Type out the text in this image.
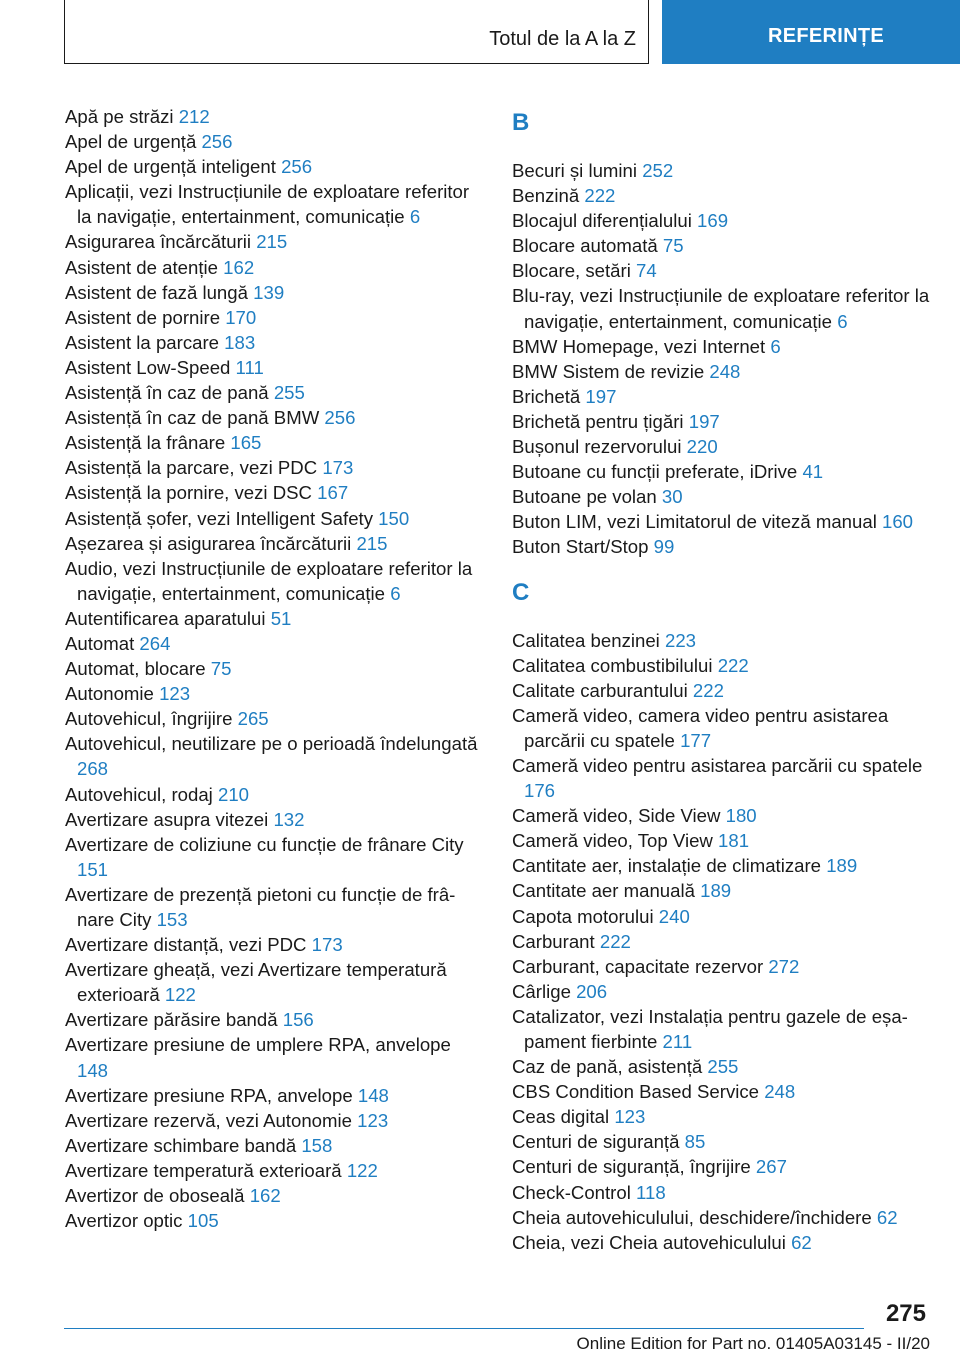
Totul de la A la Z	REFERINȚE
Apă pe străzi 212
Apel de urgență 256
Apel de urgență inteligent 256
Aplicații, vezi Instrucțiunile de exploatare referitor la navigație, entertainment, comunicație 6
Asigurarea încărcăturii 215
Asistent de atenție 162
Asistent de fază lungă 139
Asistent de pornire 170
Asistent la parcare 183
Asistent Low-Speed 111
Asistență în caz de pană 255
Asistență în caz de pană BMW 256
Asistență la frânare 165
Asistență la parcare, vezi PDC 173
Asistență la pornire, vezi DSC 167
Asistență șofer, vezi Intelligent Safety 150
Așezarea și asigurarea încărcăturii 215
Audio, vezi Instrucțiunile de exploatare referitor la navigație, entertainment, comunicație 6
Autentificarea aparatului 51
Automat 264
Automat, blocare 75
Autonomie 123
Autovehicul, îngrijire 265
Autovehicul, neutilizare pe o perioadă îndelungată 268
Autovehicul, rodaj 210
Avertizare asupra vitezei 132
Avertizare de coliziune cu funcție de frânare City 151
Avertizare de prezență pietoni cu funcție de frânare City 153
Avertizare distanță, vezi PDC 173
Avertizare gheață, vezi Avertizare temperatură exterioară 122
Avertizare părăsire bandă 156
Avertizare presiune de umplere RPA, anvelope 148
Avertizare presiune RPA, anvelope 148
Avertizare rezervă, vezi Autonomie 123
Avertizare schimbare bandă 158
Avertizare temperatură exterioară 122
Avertizor de oboseală 162
Avertizor optic 105
B
Becuri și lumini 252
Benzină 222
Blocajul diferențialului 169
Blocare automată 75
Blocare, setări 74
Blu-ray, vezi Instrucțiunile de exploatare referitor la navigație, entertainment, comunicație 6
BMW Homepage, vezi Internet 6
BMW Sistem de revizie 248
Brichetă 197
Brichetă pentru țigări 197
Bușonul rezervorului 220
Butoane cu funcții preferate, iDrive 41
Butoane pe volan 30
Buton LIM, vezi Limitatorul de viteză manual 160
Buton Start/Stop 99
C
Calitatea benzinei 223
Calitatea combustibilului 222
Calitate carburantului 222
Cameră video, camera video pentru asistarea parcării cu spatele 177
Cameră video pentru asistarea parcării cu spatele 176
Cameră video, Side View 180
Cameră video, Top View 181
Cantitate aer, instalație de climatizare 189
Cantitate aer manuală 189
Capota motorului 240
Carburant 222
Carburant, capacitate rezervor 272
Cârlige 206
Catalizator, vezi Instalația pentru gazele de eșapament fierbinte 211
Caz de pană, asistență 255
CBS Condition Based Service 248
Ceas digital 123
Centuri de siguranță 85
Centuri de siguranță, îngrijire 267
Check-Control 118
Cheia autovehiculului, deschidere/închidere 62
Cheia, vezi Cheia autovehiculului 62
275
Online Edition for Part no. 01405A03145 - II/20
